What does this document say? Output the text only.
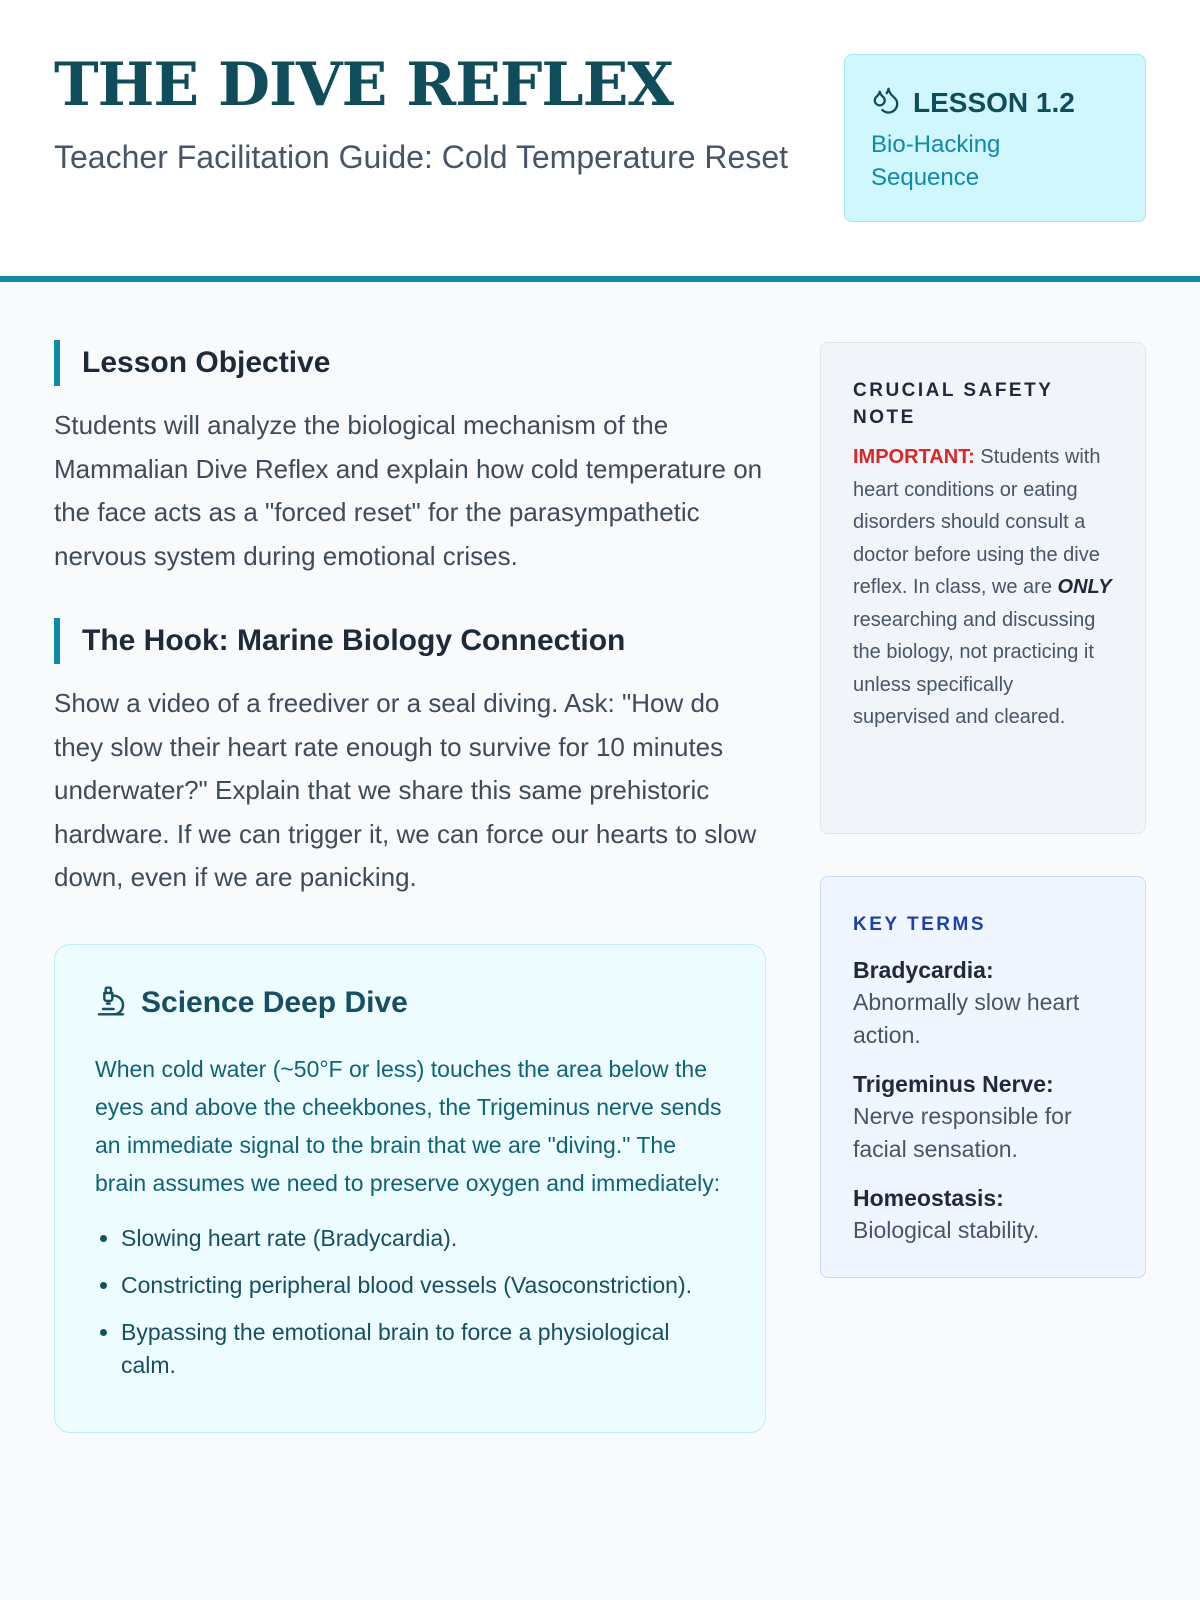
THE DIVE REFLEX

Teacher Facilitation Guide: Cold Temperature Reset

LESSON 1.2
Bio-Hacking Sequence
Lesson Objective

Students will analyze the biological mechanism of the Mammalian Dive Reflex and explain how cold temperature on the face acts as a "forced reset" for the parasympathetic nervous system during emotional crises.

The Hook: Marine Biology Connection

Show a video of a freediver or a seal diving. Ask: "How do they slow their heart rate enough to survive for 10 minutes underwater?" Explain that we share this same prehistoric hardware. If we can trigger it, we can force our hearts to slow down, even if we are panicking.

Science Deep Dive

When cold water (~50°F or less) touches the area below the eyes and above the cheekbones, the Trigeminus nerve sends an immediate signal to the brain that we are "diving." The brain assumes we need to preserve oxygen and immediately:

• Slowing heart rate (Bradycardia).
• Constricting peripheral blood vessels (Vasoconstriction).
• Bypassing the emotional brain to force a physiological calm.
CRUCIAL SAFETY NOTE
IMPORTANT: Students with heart conditions or eating disorders should consult a doctor before using the dive reflex. In class, we are ONLY researching and discussing the biology, not practicing it unless specifically supervised and cleared.
KEY TERMS
Bradycardia:
Abnormally slow heart action.
Trigeminus Nerve:
Nerve responsible for facial sensation.
Homeostasis:
Biological stability.
